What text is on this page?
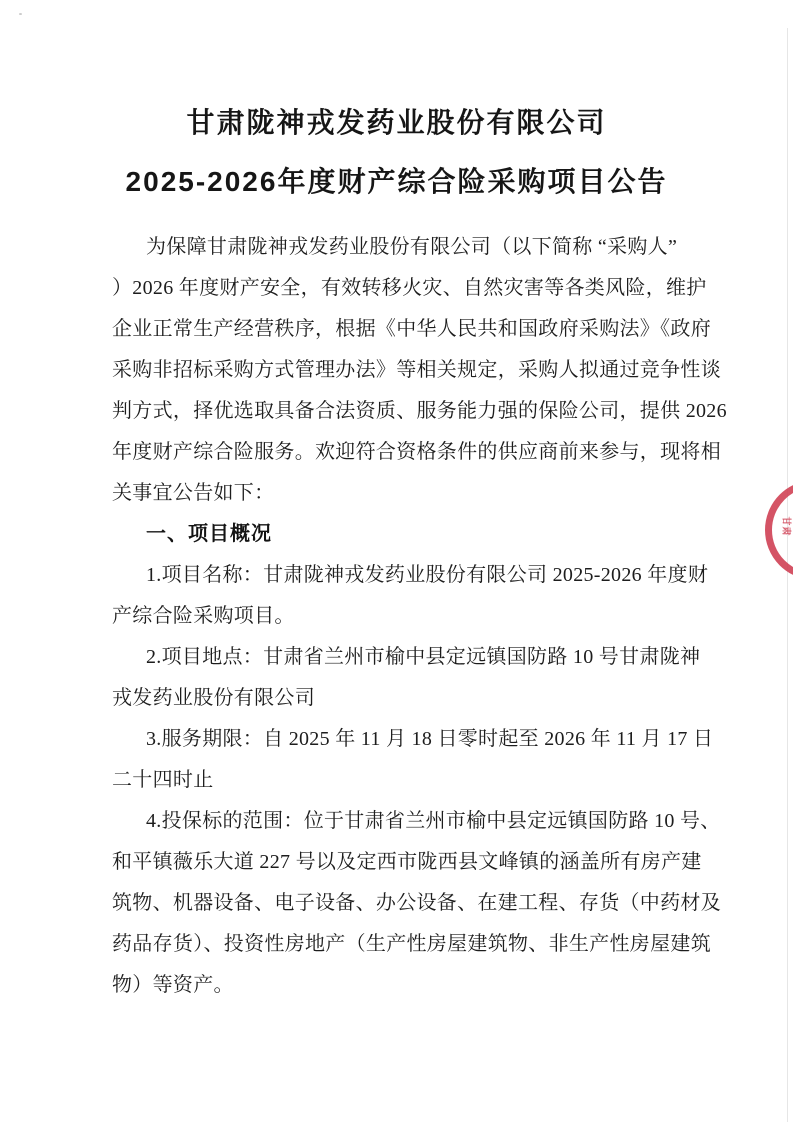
甘肃陇神戎发药业股份有限公司
2025-2026年度财产综合险采购项目公告
为保障甘肃陇神戎发药业股份有限公司（以下简称 “采购人”
）2026 年度财产安全，有效转移火灾、自然灾害等各类风险，维护
企业正常生产经营秩序，根据《中华人民共和国政府采购法》《政府
采购非招标采购方式管理办法》等相关规定，采购人拟通过竞争性谈
判方式，择优选取具备合法资质、服务能力强的保险公司，提供 2026
年度财产综合险服务。欢迎符合资格条件的供应商前来参与，现将相
关事宜公告如下：
一、项目概况
1.项目名称：甘肃陇神戎发药业股份有限公司 2025-2026 年度财
产综合险采购项目。
2.项目地点：甘肃省兰州市榆中县定远镇国防路 10 号甘肃陇神
戎发药业股份有限公司
3.服务期限：自 2025 年 11 月 18 日零时起至 2026 年 11 月 17 日
二十四时止
4.投保标的范围：位于甘肃省兰州市榆中县定远镇国防路 10 号、
和平镇薇乐大道 227 号以及定西市陇西县文峰镇的涵盖所有房产建
筑物、机器设备、电子设备、办公设备、在建工程、存货（中药材及
药品存货）、投资性房地产（生产性房屋建筑物、非生产性房屋建筑
物）等资产。
甘肃
